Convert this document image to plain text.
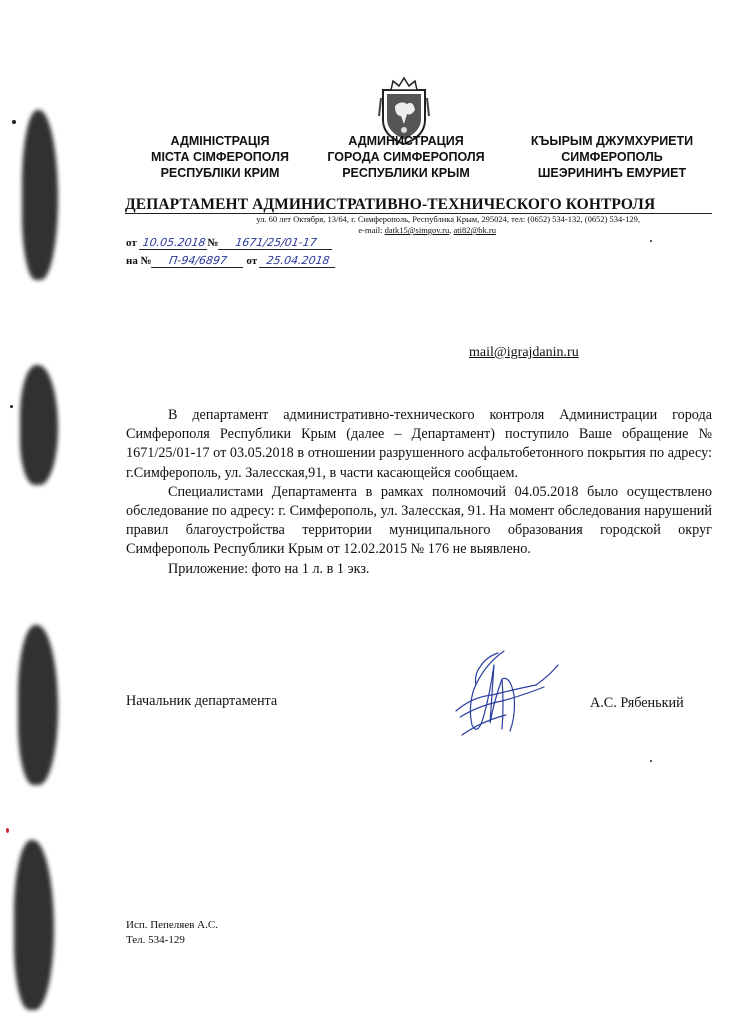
АДМІНІСТРАЦІЯ
МІСТА СІМФЕРОПОЛЯ
РЕСПУБЛІКИ КРИМ
АДМИНИСТРАЦИЯ
ГОРОДА СИМФЕРОПОЛЯ
РЕСПУБЛИКИ КРЫМ
КЪЫРЫМ ДЖУМХУРИЕТИ
СИМФЕРОПОЛЬ
ШЕЭРИНИНЪ ЕМУРИЕТ
ДЕПАРТАМЕНТ АДМИНИСТРАТИВНО-ТЕХНИЧЕСКОГО КОНТРОЛЯ
ул. 60 лет Октября, 13/64, г. Симферополь, Республика Крым, 295024, тел: (0652) 534-132, (0652) 534-129,
e-mail: datk15@simgov.ru, ati82@bk.ru
от 10.05.2018 № 1671/25/01-17
на № П-94/6897 от 25.04.2018
mail@igrajdanin.ru

В департамент административно-технического контроля Администрации города Симферополя Республики Крым (далее – Департамент) поступило Ваше обращение № 1671/25/01-17 от 03.05.2018 в отношении разрушенного асфальтобетонного покрытия по адресу: г.Симферополь, ул. Залесская,91, в части касающейся сообщаем.

Специалистами Департамента в рамках полномочий 04.05.2018 было осуществлено обследование по адресу: г. Симферополь, ул. Залесская, 91. На момент обследования нарушений правил благоустройства территории муниципального образования городской округ Симферополь Республики Крым от 12.02.2015 № 176 не выявлено.

Приложение: фото на 1 л. в 1 экз.

Начальник департамента	А.С. Рябенький
Исп. Пепеляев А.С.
Тел. 534-129
